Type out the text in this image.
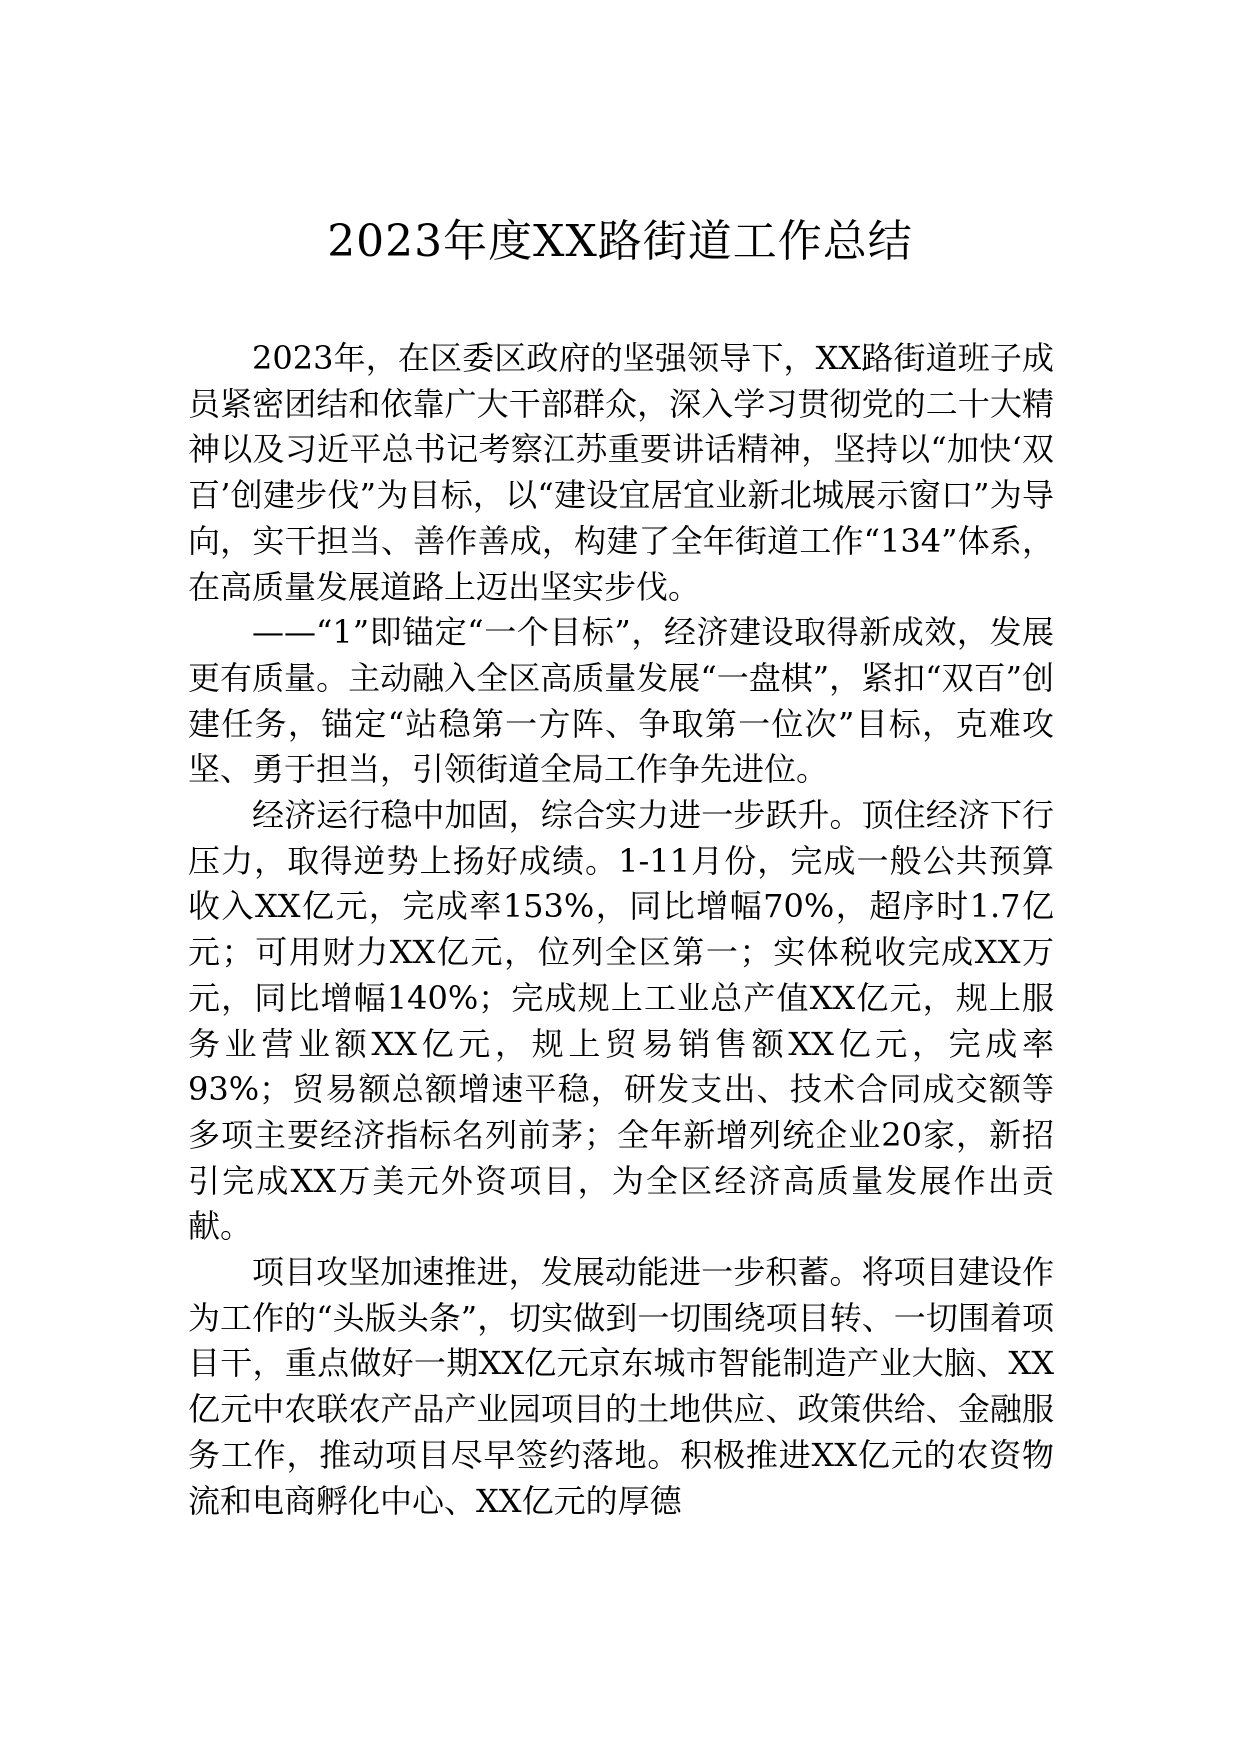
2023年度XX路街道工作总结

2023年，在区委区政府的坚强领导下，XX路街道班子成员紧密团结和依靠广大干部群众，深入学习贯彻党的二十大精神以及习近平总书记考察江苏重要讲话精神，坚持以“加快‘双百’创建步伐”为目标，以“建设宜居宜业新北城展示窗口”为导向，实干担当、善作善成，构建了全年街道工作“134”体系，在高质量发展道路上迈出坚实步伐。

——“1”即锚定“一个目标”，经济建设取得新成效，发展更有质量。主动融入全区高质量发展“一盘棋”，紧扣“双百”创建任务，锚定“站稳第一方阵、争取第一位次”目标，克难攻坚、勇于担当，引领街道全局工作争先进位。

经济运行稳中加固，综合实力进一步跃升。顶住经济下行压力，取得逆势上扬好成绩。1-11月份，完成一般公共预算收入XX亿元，完成率153%，同比增幅70%，超序时1.7亿元；可用财力XX亿元，位列全区第一；实体税收完成XX万元，同比增幅140%；完成规上工业总产值XX亿元，规上服务业营业额XX亿元，规上贸易销售额XX亿元，完成率93%；贸易额总额增速平稳，研发支出、技术合同成交额等多项主要经济指标名列前茅；全年新增列统企业20家，新招引完成XX万美元外资项目，为全区经济高质量发展作出贡献。

项目攻坚加速推进，发展动能进一步积蓄。将项目建设作为工作的“头版头条”，切实做到一切围绕项目转、一切围着项目干，重点做好一期XX亿元京东城市智能制造产业大脑、XX亿元中农联农产品产业园项目的土地供应、政策供给、金融服务工作，推动项目尽早签约落地。积极推进XX亿元的农资物流和电商孵化中心、XX亿元的厚德
